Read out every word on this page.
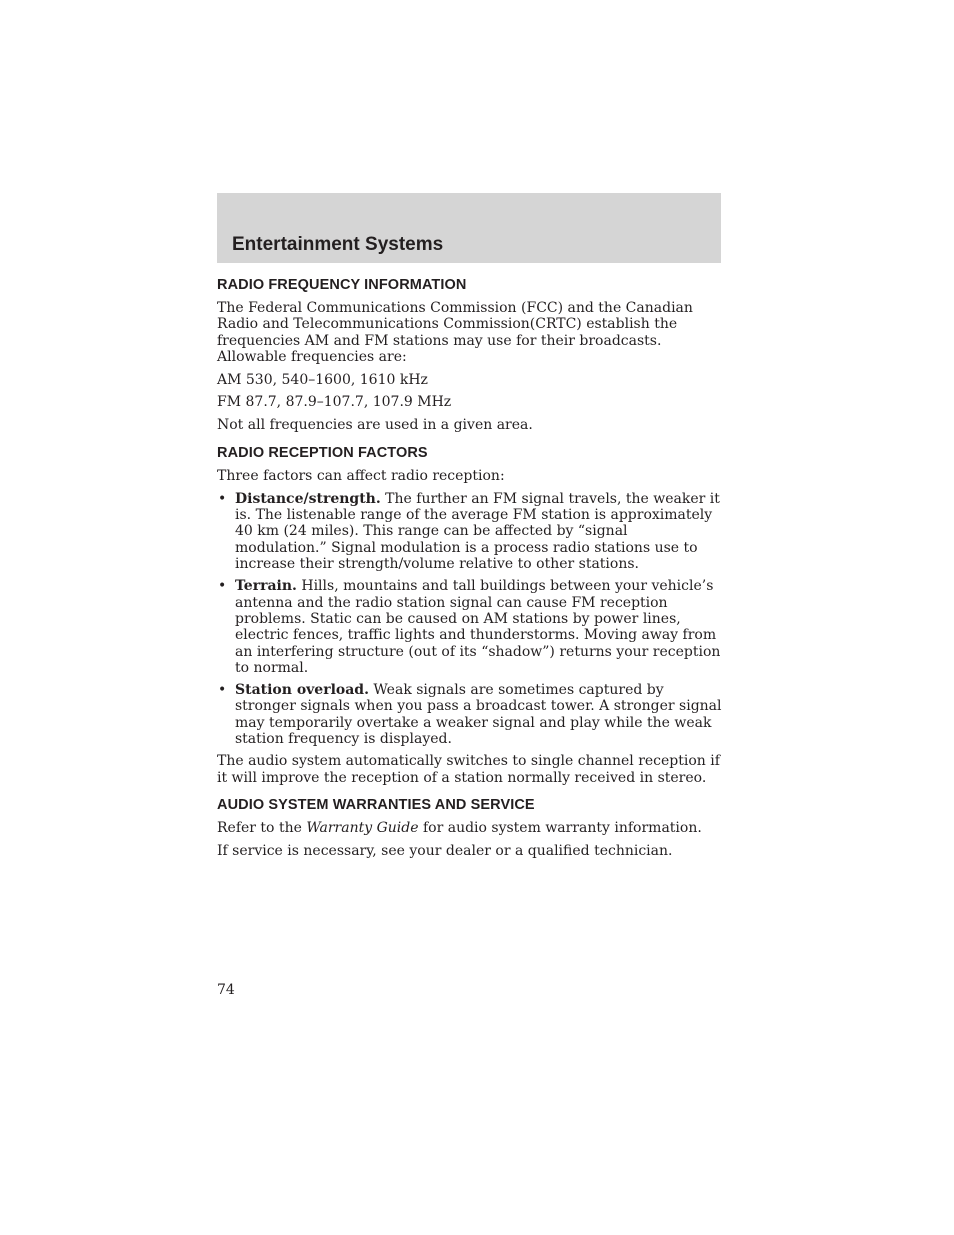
Entertainment Systems
RADIO FREQUENCY INFORMATION

The Federal Communications Commission (FCC) and the Canadian Radio and Telecommunications Commission(CRTC) establish the frequencies AM and FM stations may use for their broadcasts. Allowable frequencies are:

AM 530, 540–1600, 1610 kHz

FM 87.7, 87.9–107.7, 107.9 MHz

Not all frequencies are used in a given area.

RADIO RECEPTION FACTORS

Three factors can affect radio reception:

• Distance/strength. The further an FM signal travels, the weaker it is. The listenable range of the average FM station is approximately 40 km (24 miles). This range can be affected by “signal modulation.” Signal modulation is a process radio stations use to increase their strength/volume relative to other stations.
• Terrain. Hills, mountains and tall buildings between your vehicle’s antenna and the radio station signal can cause FM reception problems. Static can be caused on AM stations by power lines, electric fences, traffic lights and thunderstorms. Moving away from an interfering structure (out of its “shadow”) returns your reception to normal.
• Station overload. Weak signals are sometimes captured by stronger signals when you pass a broadcast tower. A stronger signal may temporarily overtake a weaker signal and play while the weak station frequency is displayed.

The audio system automatically switches to single channel reception if it will improve the reception of a station normally received in stereo.

AUDIO SYSTEM WARRANTIES AND SERVICE

Refer to the Warranty Guide for audio system warranty information.

If service is necessary, see your dealer or a qualified technician.

74
